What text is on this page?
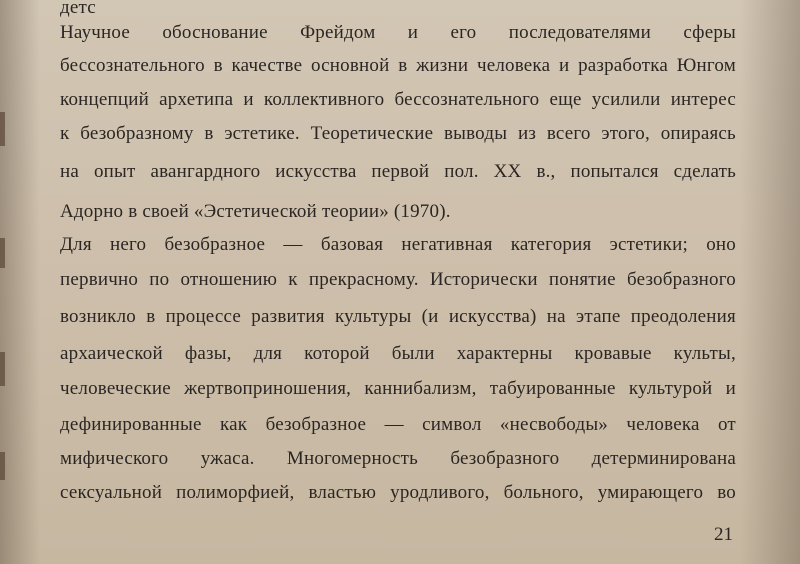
детс
Научное обоснование Фрейдом и его последователями сферы
бессознательного в качестве основной в жизни человека и разработка Юнгом
концепций архетипа и коллективного бессознательного еще усилили интерес
к безобразному в эстетике. Теоретические выводы из всего этого, опираясь
на опыт авангардного искусства первой пол. XX в., попытался сделать
Адорно в своей «Эстетической теории» (1970).
Для него безобразное — базовая негативная категория эстетики; оно
первично по отношению к прекрасному. Исторически понятие безобразного
возникло в процессе развития культуры (и искусства) на этапе преодоления
архаической фазы, для которой были характерны кровавые культы,
человеческие жертвоприношения, каннибализм, табуированные культурой и
дефинированные как безобразное — символ «несвободы» человека от
мифического ужаса. Многомерность безобразного детерминирована
сексуальной полиморфией, властью уродливого, больного, умирающего во
21
